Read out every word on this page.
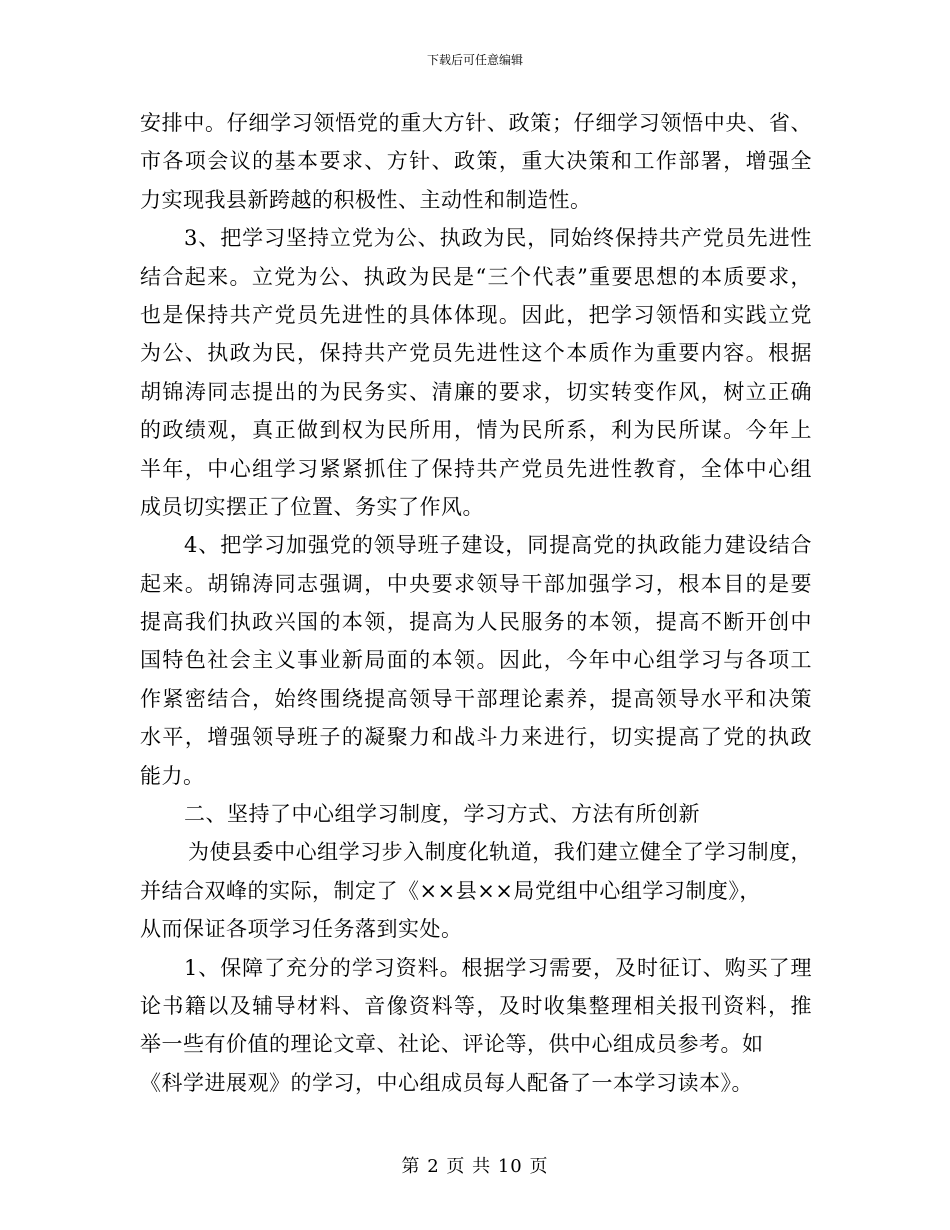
下载后可任意编辑
安排中。仔细学习领悟党的重大方针、政策；仔细学习领悟中央、省、
市各项会议的基本要求、方针、政策，重大决策和工作部署，增强全
力实现我县新跨越的积极性、主动性和制造性。
3、把学习坚持立党为公、执政为民，同始终保持共产党员先进性
结合起来。立党为公、执政为民是“三个代表”重要思想的本质要求，
也是保持共产党员先进性的具体体现。因此，把学习领悟和实践立党
为公、执政为民，保持共产党员先进性这个本质作为重要内容。根据
胡锦涛同志提出的为民务实、清廉的要求，切实转变作风，树立正确
的政绩观，真正做到权为民所用，情为民所系，利为民所谋。今年上
半年，中心组学习紧紧抓住了保持共产党员先进性教育，全体中心组
成员切实摆正了位置、务实了作风。
4、把学习加强党的领导班子建设，同提高党的执政能力建设结合
起来。胡锦涛同志强调，中央要求领导干部加强学习，根本目的是要
提高我们执政兴国的本领，提高为人民服务的本领，提高不断开创中
国特色社会主义事业新局面的本领。因此，今年中心组学习与各项工
作紧密结合，始终围绕提高领导干部理论素养，提高领导水平和决策
水平，增强领导班子的凝聚力和战斗力来进行，切实提高了党的执政
能力。
二、坚持了中心组学习制度，学习方式、方法有所创新
为使县委中心组学习步入制度化轨道，我们建立健全了学习制度，
并结合双峰的实际，制定了《××县××局党组中心组学习制度》，
从而保证各项学习任务落到实处。
1、保障了充分的学习资料。根据学习需要，及时征订、购买了理
论书籍以及辅导材料、音像资料等，及时收集整理相关报刊资料，推
举一些有价值的理论文章、社论、评论等，供中心组成员参考。如
《科学进展观》的学习，中心组成员每人配备了一本学习读本》。
第 2 页 共 10 页
